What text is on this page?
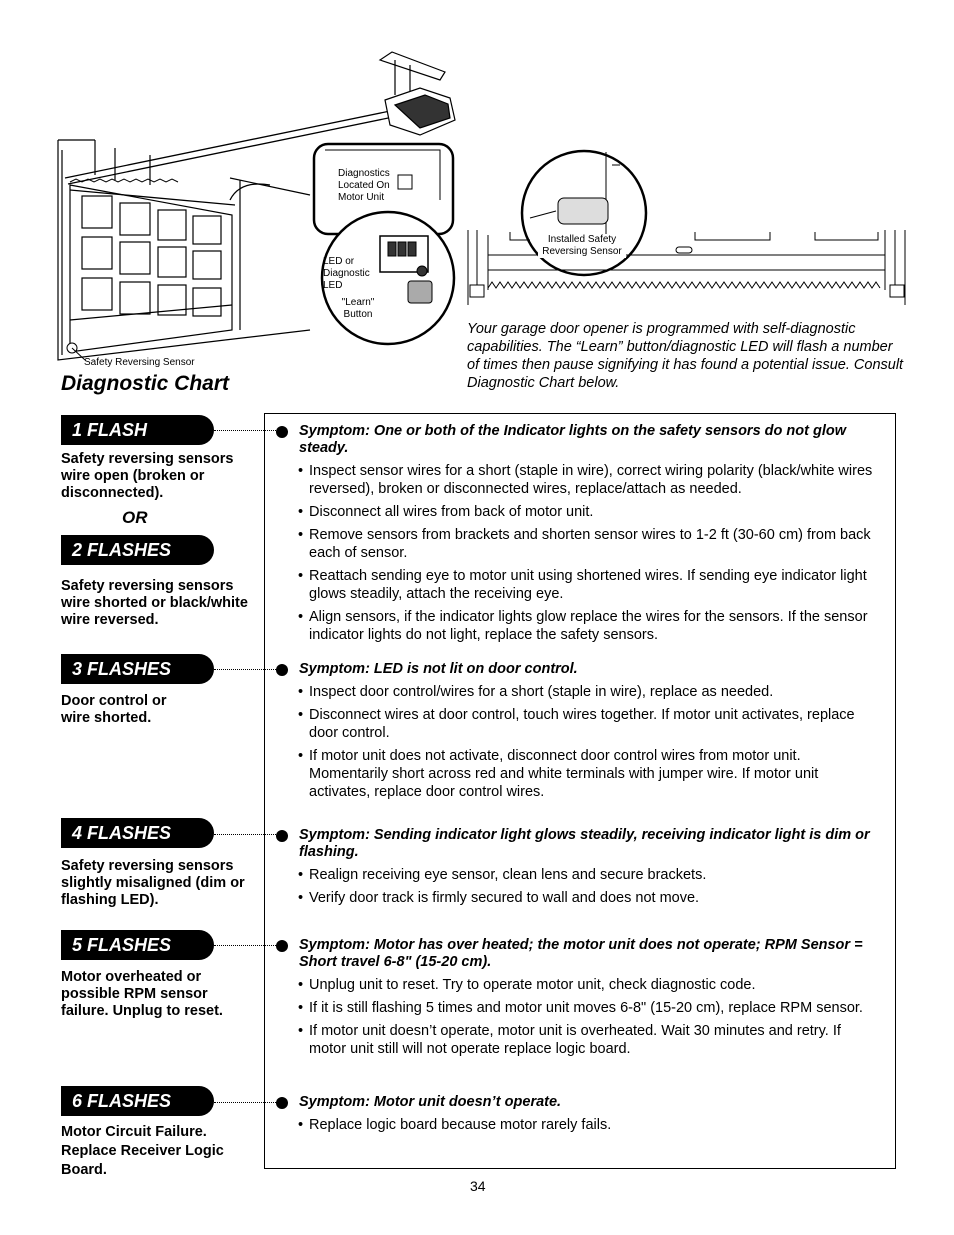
Safety Reversing Sensor
Diagnostics Located On Motor Unit
LED or Diagnostic LED
"Learn" Button
Installed Safety Reversing Sensor
Your garage door opener is programmed with self-diagnostic capabilities. The “Learn” button/diagnostic LED will flash a number of times then pause signifying it has found a potential issue. Consult Diagnostic Chart below.
Diagnostic Chart
1 FLASH
Safety reversing sensors wire open (broken or disconnected).
OR
2 FLASHES
Safety reversing sensors wire shorted or black/white wire reversed.
3 FLASHES
Door control or wire shorted.
4 FLASHES
Safety reversing sensors slightly misaligned (dim or flashing LED).
5 FLASHES
Motor overheated or possible RPM sensor failure. Unplug to reset.
6 FLASHES
Motor Circuit Failure. Replace Receiver Logic Board.
Symptom: One or both of the Indicator lights on the safety sensors do not glow steady.
• Inspect sensor wires for a short (staple in wire), correct wiring polarity (black/white wires reversed), broken or disconnected wires, replace/attach as needed.
• Disconnect all wires from back of motor unit.
• Remove sensors from brackets and shorten sensor wires to 1-2 ft (30-60 cm) from back each of sensor.
• Reattach sending eye to motor unit using shortened wires. If sending eye indicator light glows steadily, attach the receiving eye.
• Align sensors, if the indicator lights glow replace the wires for the sensors. If the sensor indicator lights do not light, replace the safety sensors.
Symptom: LED is not lit on door control.
• Inspect door control/wires for a short (staple in wire), replace as needed.
• Disconnect wires at door control, touch wires together. If motor unit activates, replace door control.
• If motor unit does not activate, disconnect door control wires from motor unit. Momentarily short across red and white terminals with jumper wire. If motor unit activates, replace door control wires.
Symptom: Sending indicator light glows steadily, receiving indicator light is dim or flashing.
• Realign receiving eye sensor, clean lens and secure brackets.
• Verify door track is firmly secured to wall and does not move.
Symptom: Motor has over heated; the motor unit does not operate; RPM Sensor = Short travel 6-8" (15-20 cm).
• Unplug unit to reset. Try to operate motor unit, check diagnostic code.
• If it is still flashing 5 times and motor unit moves 6-8" (15-20 cm), replace RPM sensor.
• If motor unit doesn’t operate, motor unit is overheated. Wait 30 minutes and retry. If motor unit still will not operate replace logic board.
Symptom: Motor unit doesn’t operate.
• Replace logic board because motor rarely fails.
34
